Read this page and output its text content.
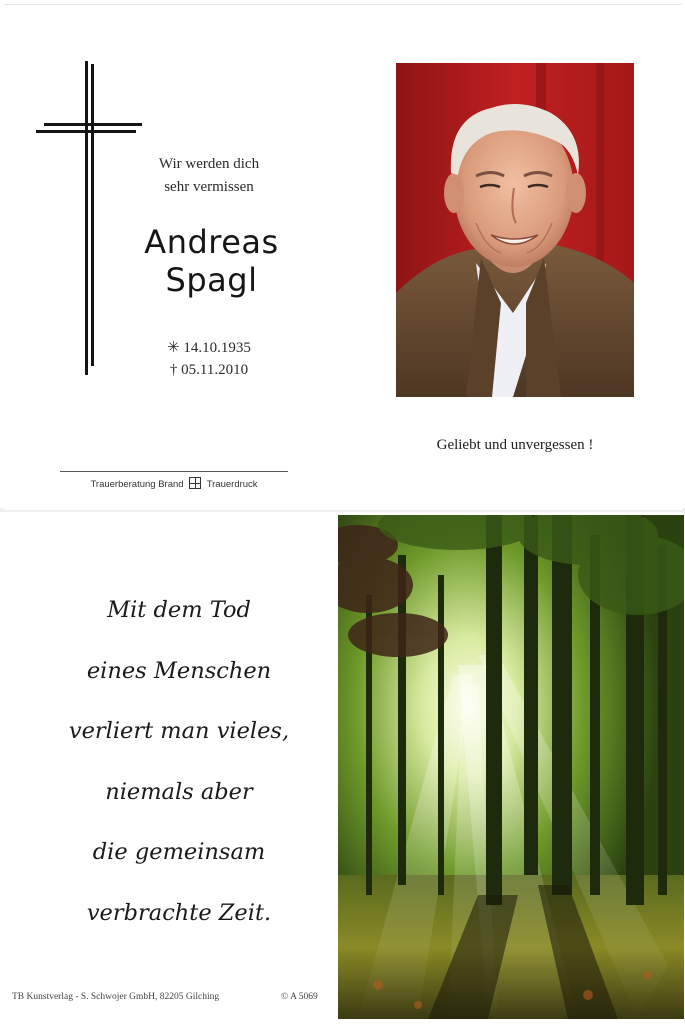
Wir werden dich
sehr vermissen
Andreas
Spagl
✳ 14.10.1935
† 05.11.2010
Trauerberatung Brand ☒ Trauerdruck
Geliebt und unvergessen !
Mit dem Tod
eines Menschen
verliert man vieles,
niemals aber
die gemeinsam
verbrachte Zeit.
TB Kunstverlag - S. Schwojer GmbH, 82205 Gilching	© A 5069
